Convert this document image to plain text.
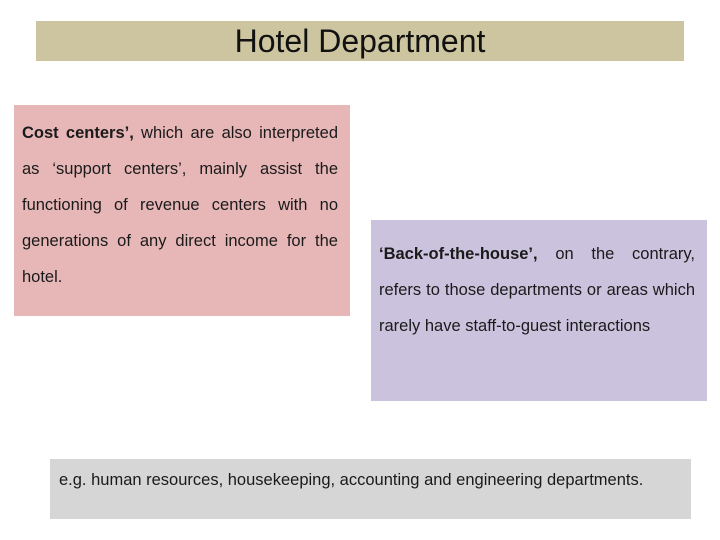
Hotel Department
Cost centers’, which are also interpreted as ‘support centers’, mainly assist the functioning of revenue centers with no generations of any direct income for the hotel.
‘Back-of-the-house’, on the contrary, refers to those departments or areas which rarely have staff-to-guest interactions
e.g. human resources, housekeeping, accounting and engineering departments.
